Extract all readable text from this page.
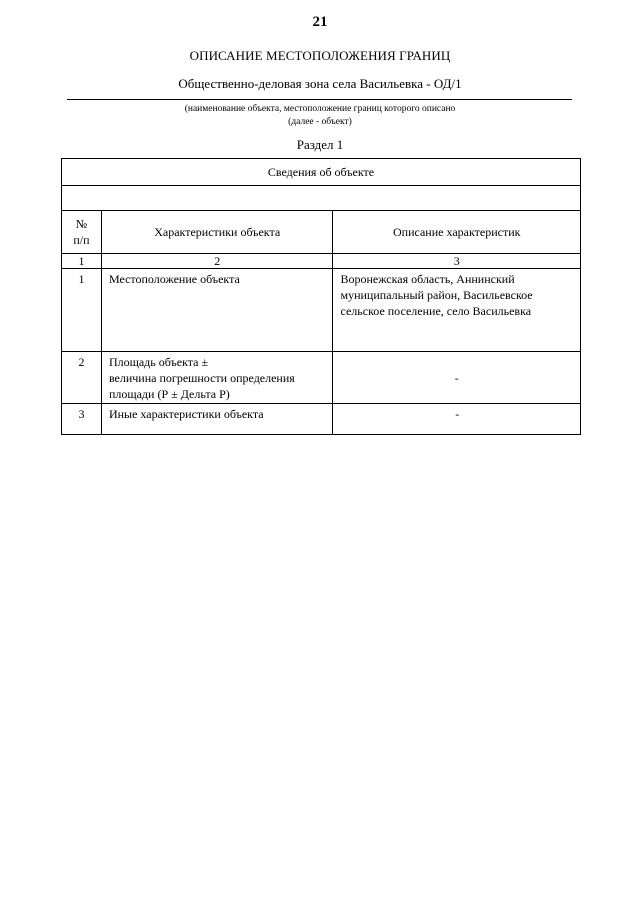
21
ОПИСАНИЕ МЕСТОПОЛОЖЕНИЯ ГРАНИЦ
Общественно-деловая зона села Васильевка - ОД/1
(наименование объекта, местоположение границ которого описано
(далее - объект)
Раздел 1
Сведения об объекте		

№
п/п	Характеристики объекта	Описание характеристик
1	2	3
1	Местоположение объекта	Воронежская область, Аннинский муниципальный район, Васильевское сельское поселение, село Васильевка
2	Площадь объекта ±
величина погрешности определения
площади (Р ± Дельта Р)	-
3	Иные характеристики объекта	-
